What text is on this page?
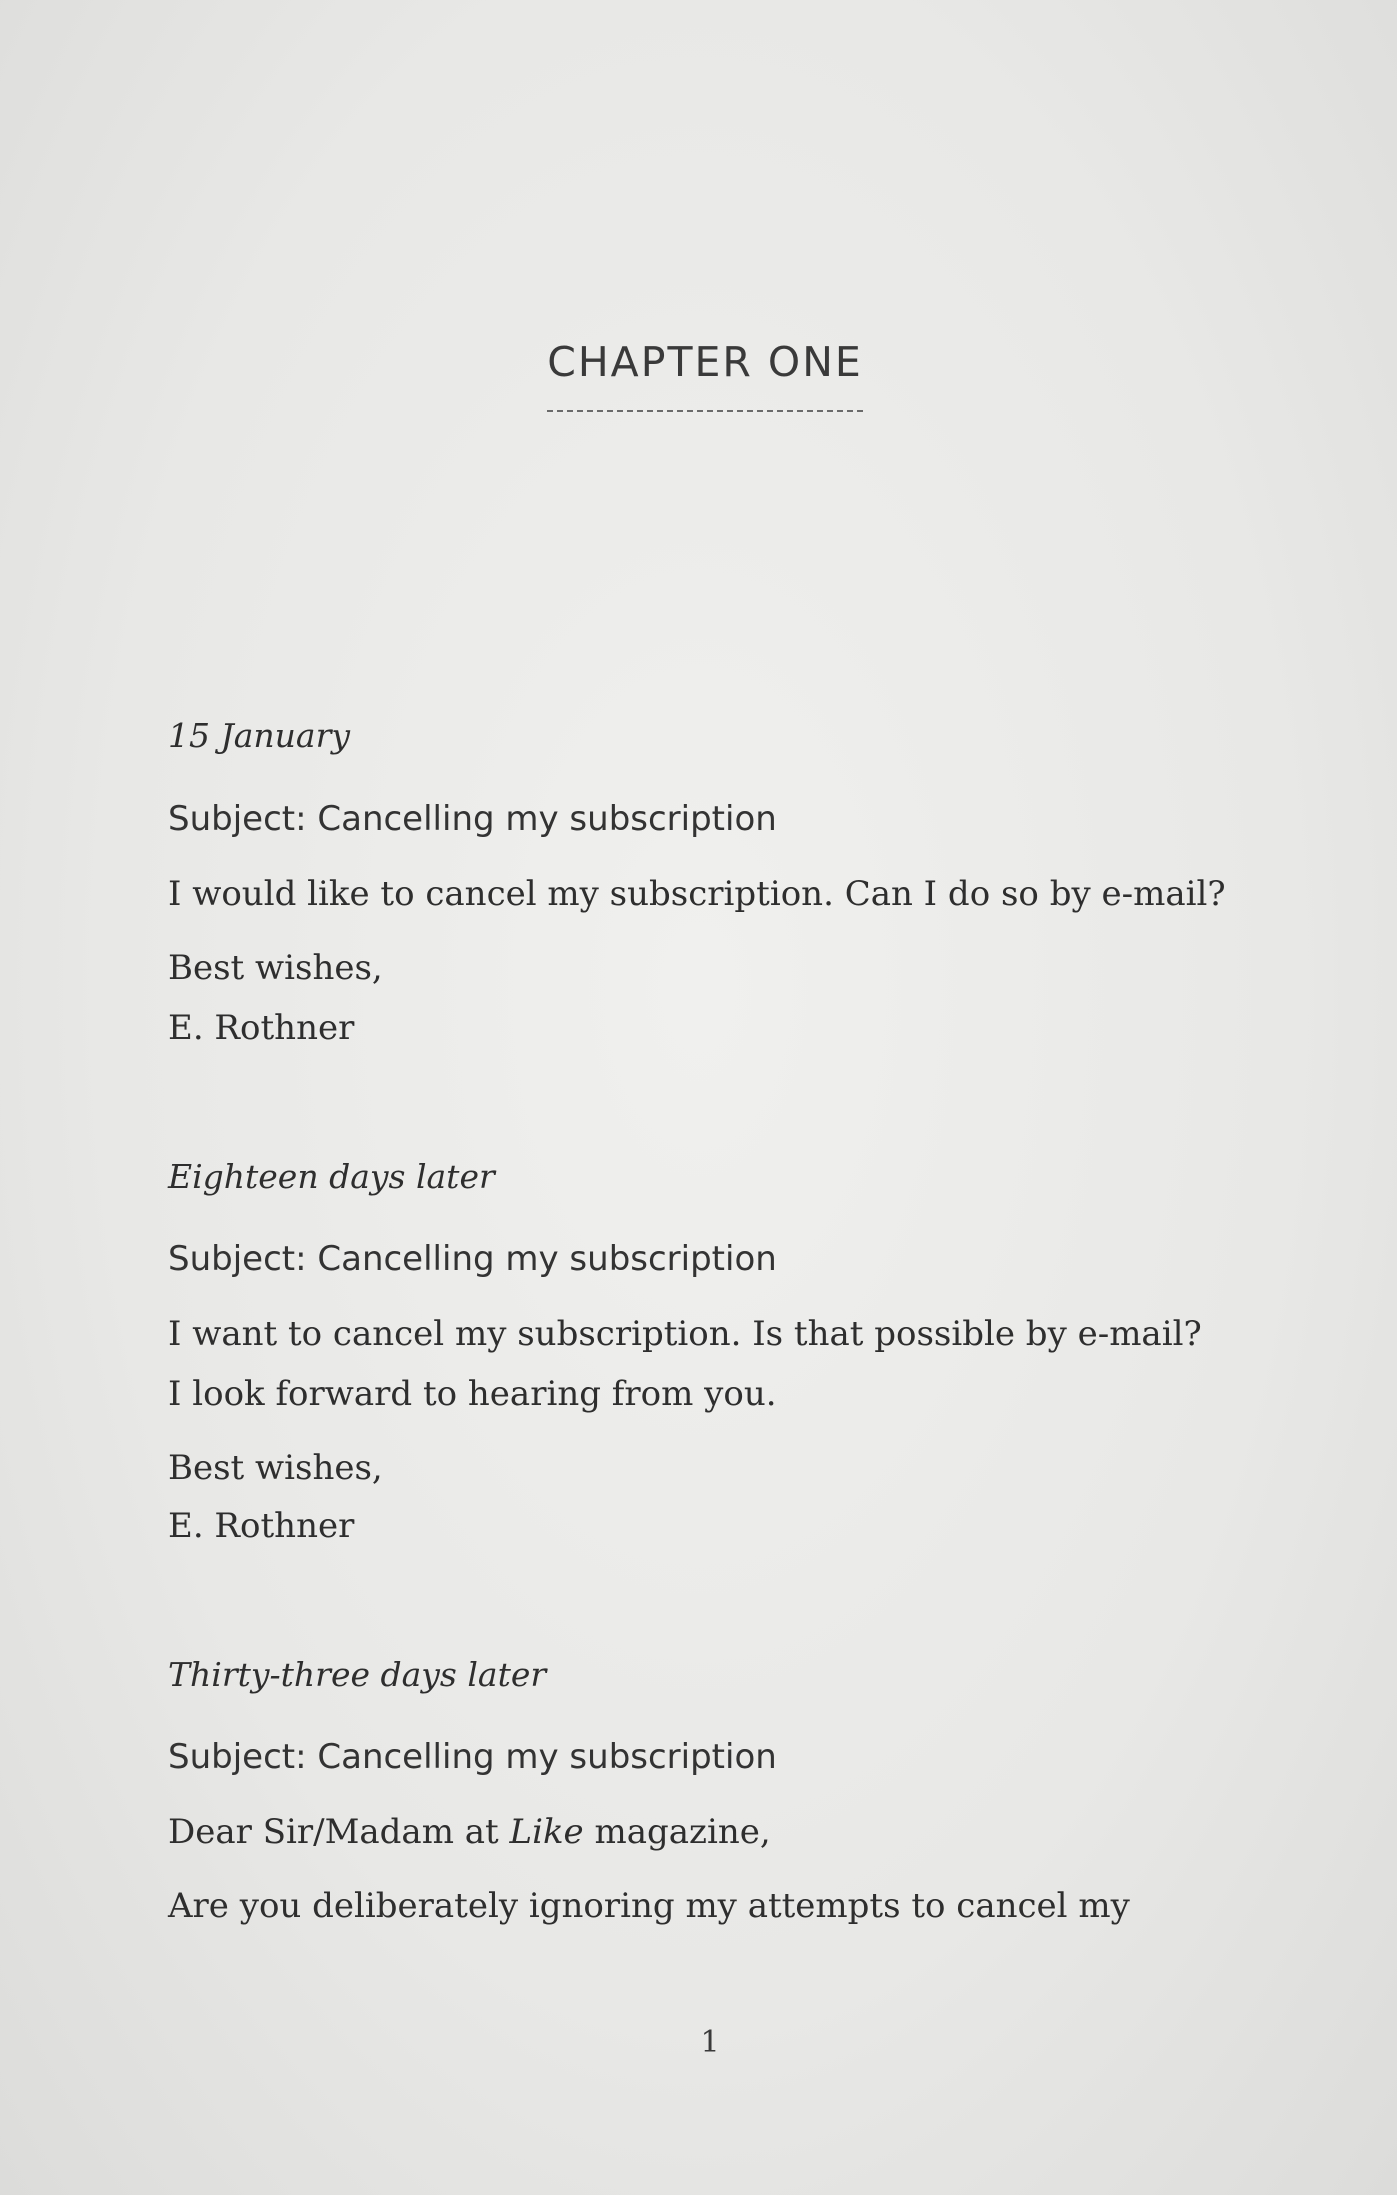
CHAPTER ONE

15 January

Subject: Cancelling my subscription

I would like to cancel my subscription. Can I do so by e-mail?

Best wishes,

E. Rothner

Eighteen days later

Subject: Cancelling my subscription

I want to cancel my subscription. Is that possible by e-mail?

I look forward to hearing from you.

Best wishes,

E. Rothner

Thirty-three days later

Subject: Cancelling my subscription

Dear Sir/Madam at Like magazine,

Are you deliberately ignoring my attempts to cancel my

1
